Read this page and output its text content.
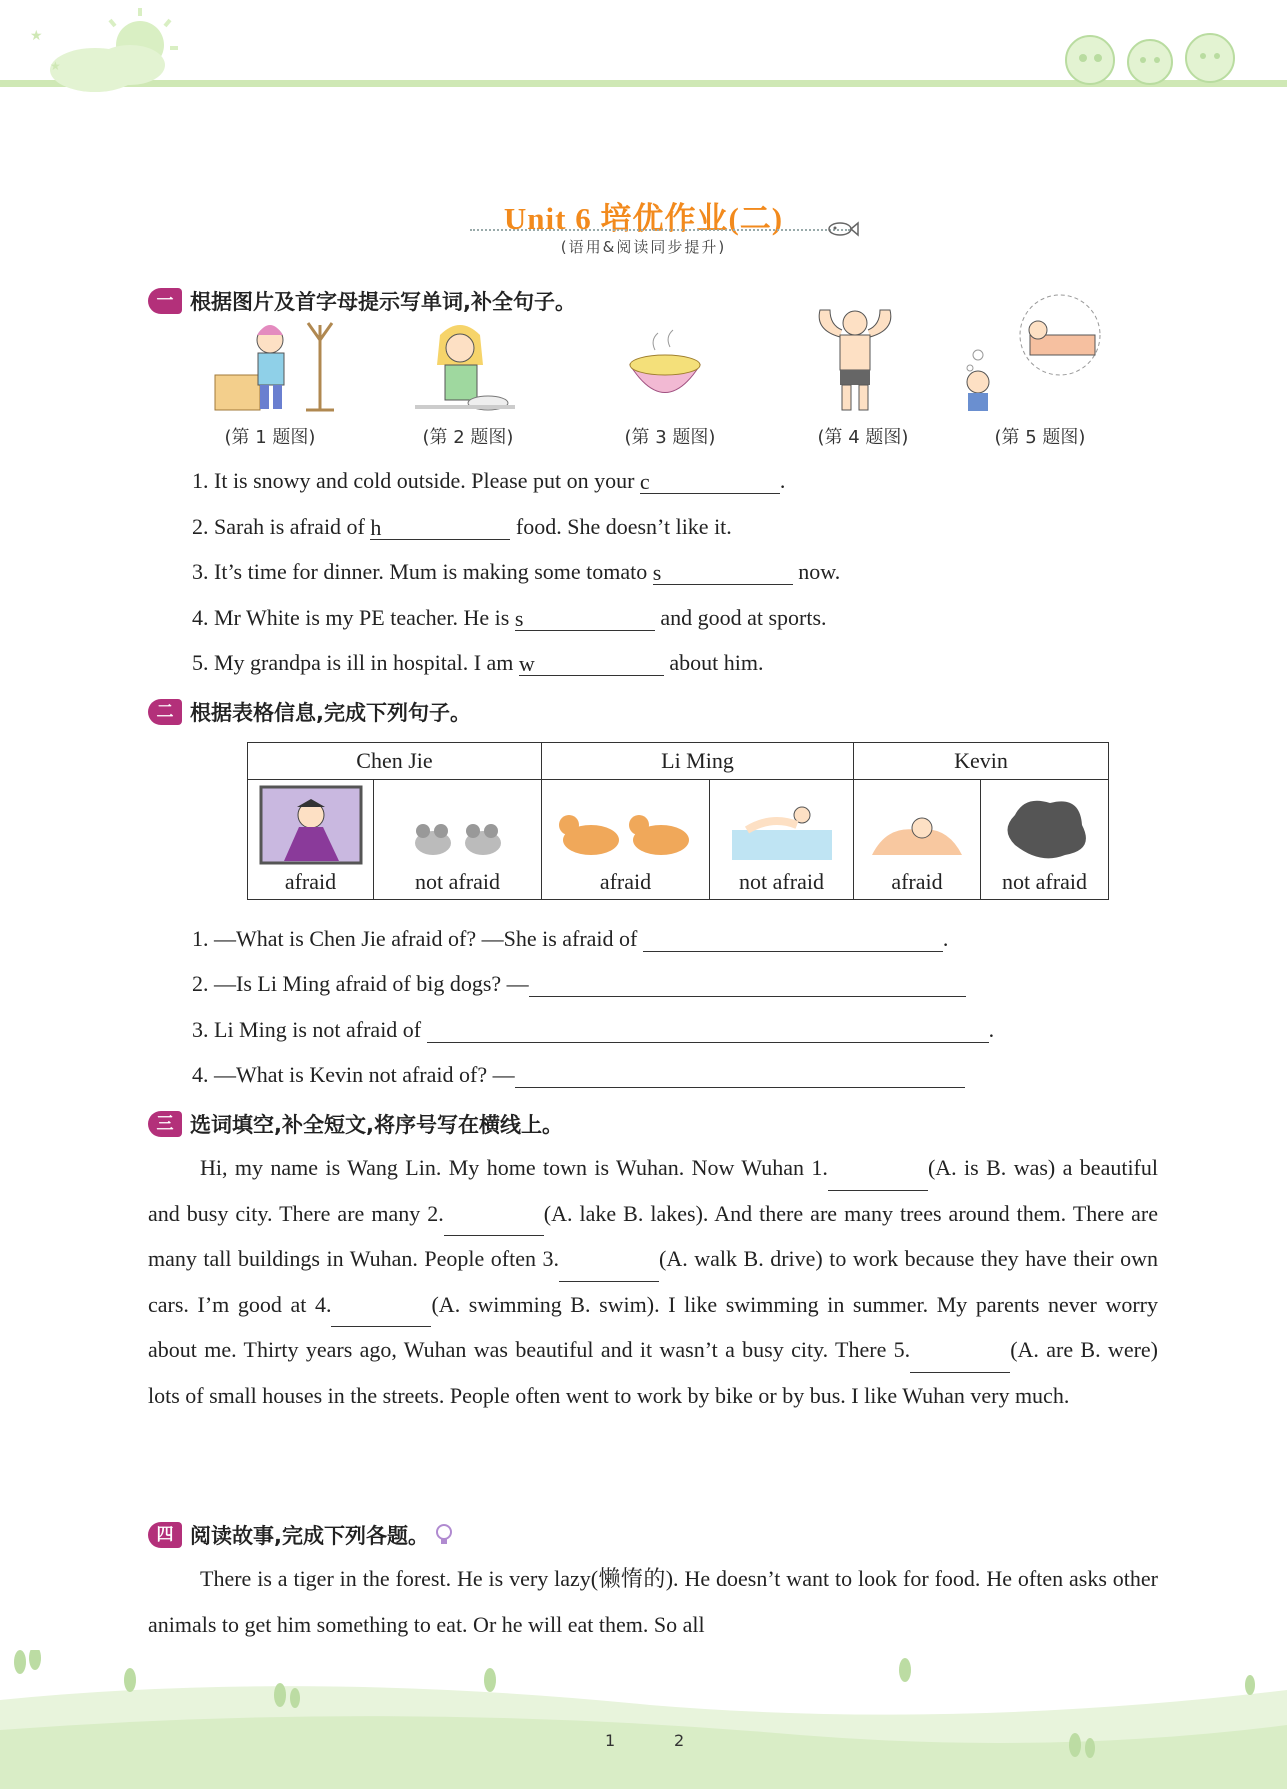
★
★
Unit 6 培优作业(二)
(语用&阅读同步提升)
一 根据图片及首字母提示写单词,补全句子。
(第 1 题图)	(第 2 题图)	(第 3 题图)	(第 4 题图)	(第 5 题图)
1. It is snowy and cold outside. Please put on your c	.
2. Sarah is afraid of h	food. She doesn’t like it.
3. It’s time for dinner. Mum is making some tomato s	now.
4. Mr White is my PE teacher. He is s	and good at sports.
5. My grandpa is ill in hospital. I am w	about him.
二 根据表格信息,完成下列句子。
Chen Jie		Li Ming		Kevin	

afraid	not afraid	afraid	not afraid	afraid	not afraid
1. —What is Chen Jie afraid of? —She is afraid of	.
2. —Is Li Ming afraid of big dogs? —
3. Li Ming is not afraid of	.
4. —What is Kevin not afraid of? —
三 选词填空,补全短文,将序号写在横线上。
Hi, my name is Wang Lin. My home town is Wuhan. Now Wuhan 1.	(A. is B. was) a beautiful and busy city. There are many 2.	(A. lake B. lakes). And there are many trees around them. There are many tall buildings in Wuhan. People often 3.	(A. walk B. drive) to work because they have their own cars. I’m good at 4.	(A. swimming B. swim). I like swimming in summer. My parents never worry about me. Thirty years ago, Wuhan was beautiful and it wasn’t a busy city. There 5.	(A. are B. were) lots of small houses in the streets. People often went to work by bike or by bus. I like Wuhan very much.
四 阅读故事,完成下列各题。
There is a tiger in the forest. He is very lazy(懒惰的). He doesn’t want to look for food. He often asks other animals to get him something to eat. Or he will eat them. So all
1	2
